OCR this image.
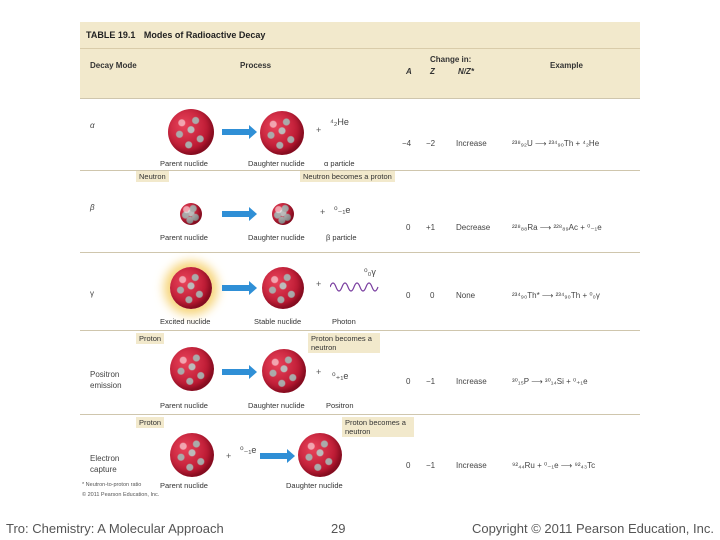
TABLE 19.1 Modes of Radioactive Decay
Decay Mode	Process
Change in:
A Z	N/Z*
Example
α	+
⁴₂He
Parent nuclide	Daughter nuclide	α particle
−4 −2	Increase	²³⁸₉₂U ⟶ ²³⁴₉₀Th + ⁴₂He
β
Neutron	Neutron becomes a proton
+ ⁰₋₁e
Parent nuclide	Daughter nuclide	β particle
0 +1	Decrease	²²⁸₈₈Ra ⟶ ²²⁸₈₉Ac + ⁰₋₁e
γ
+
⁰₀γ
Excited nuclide	Stable nuclide	Photon
0 0	None	²³⁴₉₀Th* ⟶ ²³⁴₉₀Th + ⁰₀γ
Positron emission
Proton	Proton becomes a neutron
+ ⁰₊₁e
Parent nuclide	Daughter nuclide	Positron
0 −1	Increase	³⁰₁₅P ⟶ ³⁰₁₄Si + ⁰₊₁e
Electron capture
Proton	Proton becomes a neutron
+
⁰₋₁e
Parent nuclide	Daughter nuclide
0 −1	Increase	⁹²₄₄Ru + ⁰₋₁e ⟶ ⁹²₄₃Tc
* Neutron-to-proton ratio
© 2011 Pearson Education, Inc.
Tro: Chemistry: A Molecular Approach	29	Copyright © 2011 Pearson Education, Inc.
